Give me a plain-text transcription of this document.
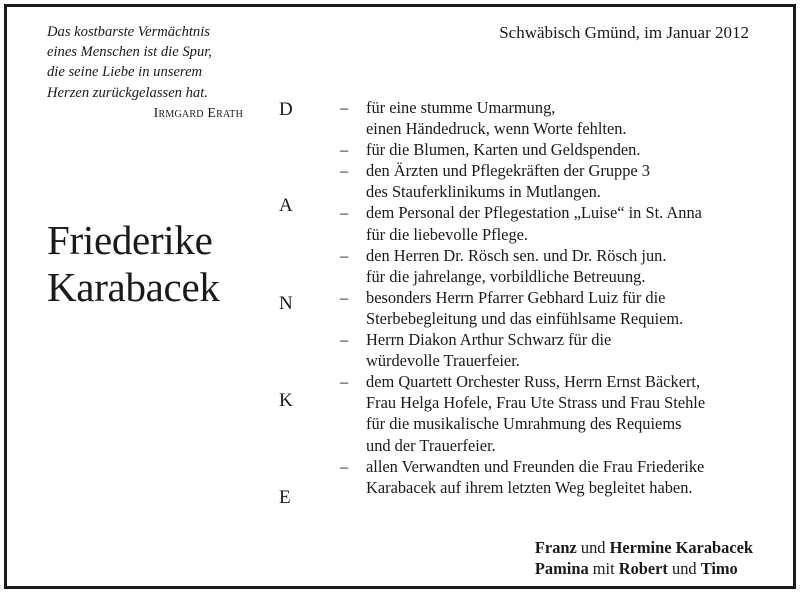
Das kostbarste Vermächtnis
eines Menschen ist die Spur,
die seine Liebe in unserem
Herzen zurückgelassen hat.
Irmgard Erath
Friederike
Karabacek
Schwäbisch Gmünd, im Januar 2012
D
A
N
K
E
– für eine stumme Umarmung,
einen Händedruck, wenn Worte fehlten.
– für die Blumen, Karten und Geldspenden.
– den Ärzten und Pflegekräften der Gruppe 3
des Stauferklinikums in Mutlangen.
– dem Personal der Pflegestation „Luise“ in St. Anna
für die liebevolle Pflege.
– den Herren Dr. Rösch sen. und Dr. Rösch jun.
für die jahrelange, vorbildliche Betreuung.
– besonders Herrn Pfarrer Gebhard Luiz für die
Sterbebegleitung und das einfühlsame Requiem.
– Herrn Diakon Arthur Schwarz für die
würdevolle Trauerfeier.
– dem Quartett Orchester Russ, Herrn Ernst Bäckert,
Frau Helga Hofele, Frau Ute Strass und Frau Stehle
für die musikalische Umrahmung des Requiems
und der Trauerfeier.
– allen Verwandten und Freunden die Frau Friederike
Karabacek auf ihrem letzten Weg begleitet haben.
Franz und Hermine Karabacek
Pamina mit Robert und Timo
